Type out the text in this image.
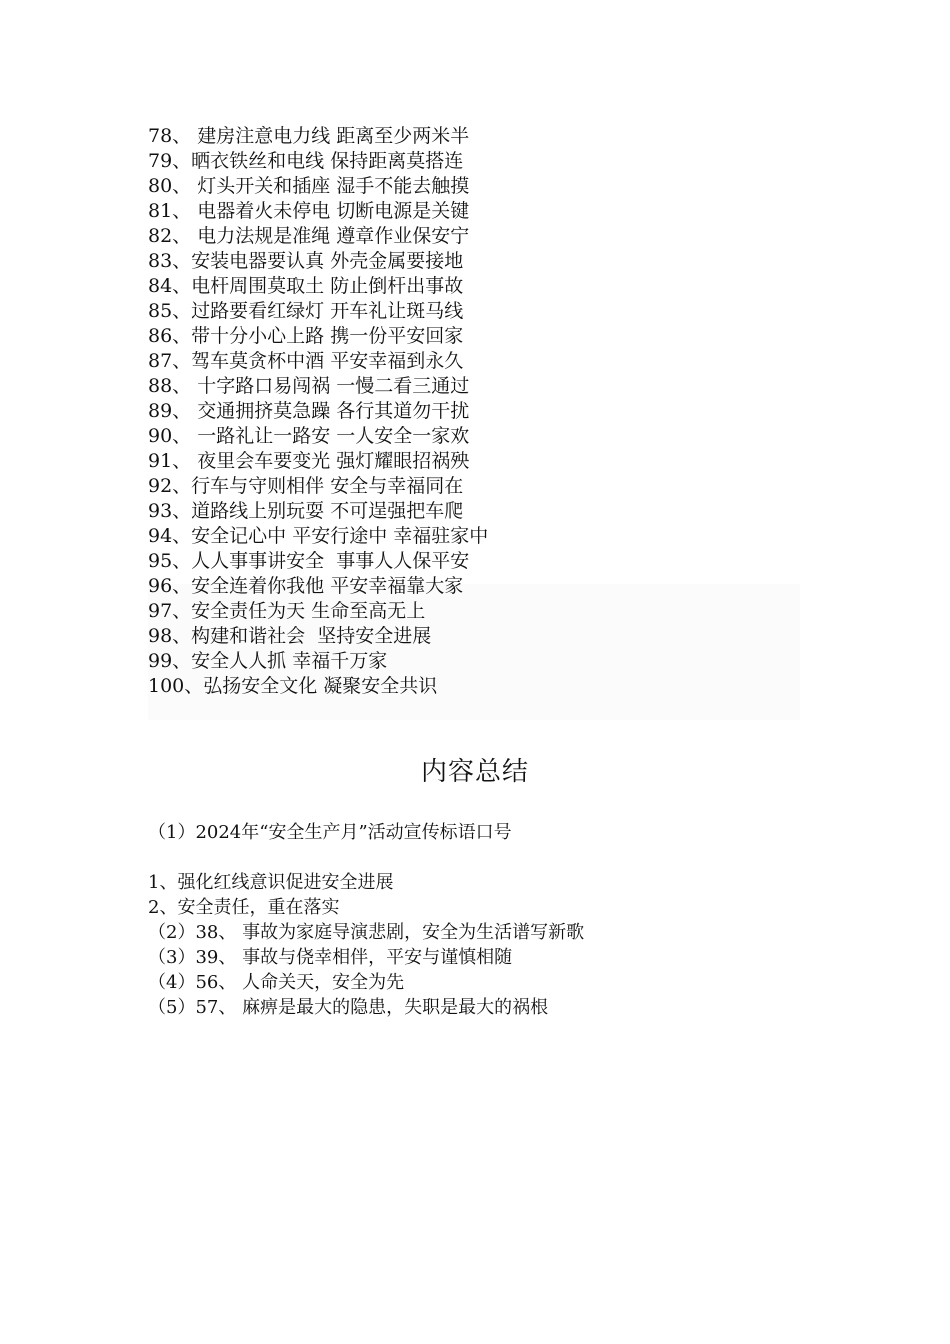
78、 建房注意电力线 距离至少两米半
79、晒衣铁丝和电线 保持距离莫搭连
80、 灯头开关和插座 湿手不能去触摸
81、 电器着火未停电 切断电源是关键
82、 电力法规是准绳 遵章作业保安宁
83、安装电器要认真 外壳金属要接地
84、电杆周围莫取土 防止倒杆出事故
85、过路要看红绿灯 开车礼让斑马线
86、带十分小心上路 携一份平安回家
87、驾车莫贪杯中酒 平安幸福到永久
88、 十字路口易闯祸 一慢二看三通过
89、 交通拥挤莫急躁 各行其道勿干扰
90、 一路礼让一路安 一人安全一家欢
91、 夜里会车要变光 强灯耀眼招祸殃
92、行车与守则相伴 安全与幸福同在
93、道路线上别玩耍 不可逞强把车爬
94、安全记心中 平安行途中 幸福驻家中
95、人人事事讲安全  事事人人保平安
96、安全连着你我他 平安幸福靠大家
97、安全责任为天 生命至高无上
98、构建和谐社会  坚持安全进展
99、安全人人抓 幸福千万家
100、弘扬安全文化 凝聚安全共识
内容总结
（1）2024年“安全生产月”活动宣传标语口号
1、强化红线意识促进安全进展
2、安全责任，重在落实
（2）38、 事故为家庭导演悲剧，安全为生活谱写新歌
（3）39、 事故与侥幸相伴，平安与谨慎相随
（4）56、 人命关天，安全为先
（5）57、 麻痹是最大的隐患，失职是最大的祸根
